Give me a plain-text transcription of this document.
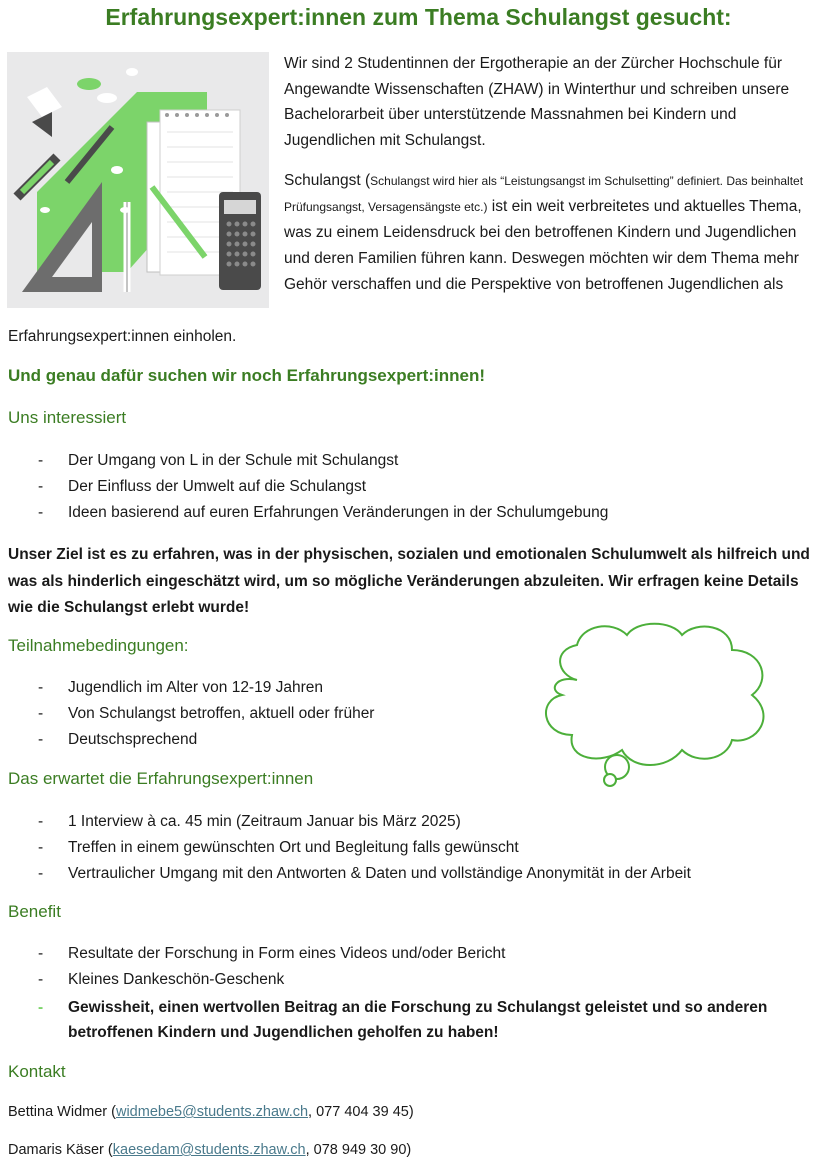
Erfahrungsexpert:innen zum Thema Schulangst gesucht:

Wir sind 2 Studentinnen der Ergotherapie an der Zürcher Hochschule für Angewandte Wissenschaften (ZHAW) in Winterthur und schreiben unsere Bachelorarbeit über unterstützende Massnahmen bei Kindern und Jugendlichen mit Schulangst.

Schulangst (Schulangst wird hier als “Leistungsangst im Schulsetting” definiert. Das beinhaltet Prüfungsangst, Versagensängste etc.) ist ein weit verbreitetes und aktuelles Thema, was zu einem Leidensdruck bei den betroffenen Kindern und Jugendlichen und deren Familien führen kann. Deswegen möchten wir dem Thema mehr Gehör verschaffen und die Perspektive von betroffenen Jugendlichen als

Erfahrungsexpert:innen einholen.

Und genau dafür suchen wir noch Erfahrungsexpert:innen!

Uns interessiert
- Der Umgang von L in der Schule mit Schulangst
- Der Einfluss der Umwelt auf die Schulangst
- Ideen basierend auf euren Erfahrungen Veränderungen in der Schulumgebung

Unser Ziel ist es zu erfahren, was in der physischen, sozialen und emotionalen Schulumwelt als hilfreich und was als hinderlich eingeschätzt wird, um so mögliche Veränderungen abzuleiten. Wir erfragen keine Details wie die Schulangst erlebt wurde!

Teilnahmebedingungen:
- Jugendlich im Alter von 12-19 Jahren
- Von Schulangst betroffen, aktuell oder früher
- Deutschsprechend
Das erwartet die Erfahrungsexpert:innen
- 1 Interview à ca. 45 min (Zeitraum Januar bis März 2025)
- Treffen in einem gewünschten Ort und Begleitung falls gewünscht
- Vertraulicher Umgang mit den Antworten & Daten und vollständige Anonymität in der Arbeit
Benefit
- Resultate der Forschung in Form eines Videos und/oder Bericht
- Kleines Dankeschön-Geschenk
- Gewissheit, einen wertvollen Beitrag an die Forschung zu Schulangst geleistet und so anderen betroffenen Kindern und Jugendlichen geholfen zu haben!
Kontakt

Bettina Widmer (widmebe5@students.zhaw.ch, 077 404 39 45)

Damaris Käser (kaesedam@students.zhaw.ch, 078 949 30 90)
